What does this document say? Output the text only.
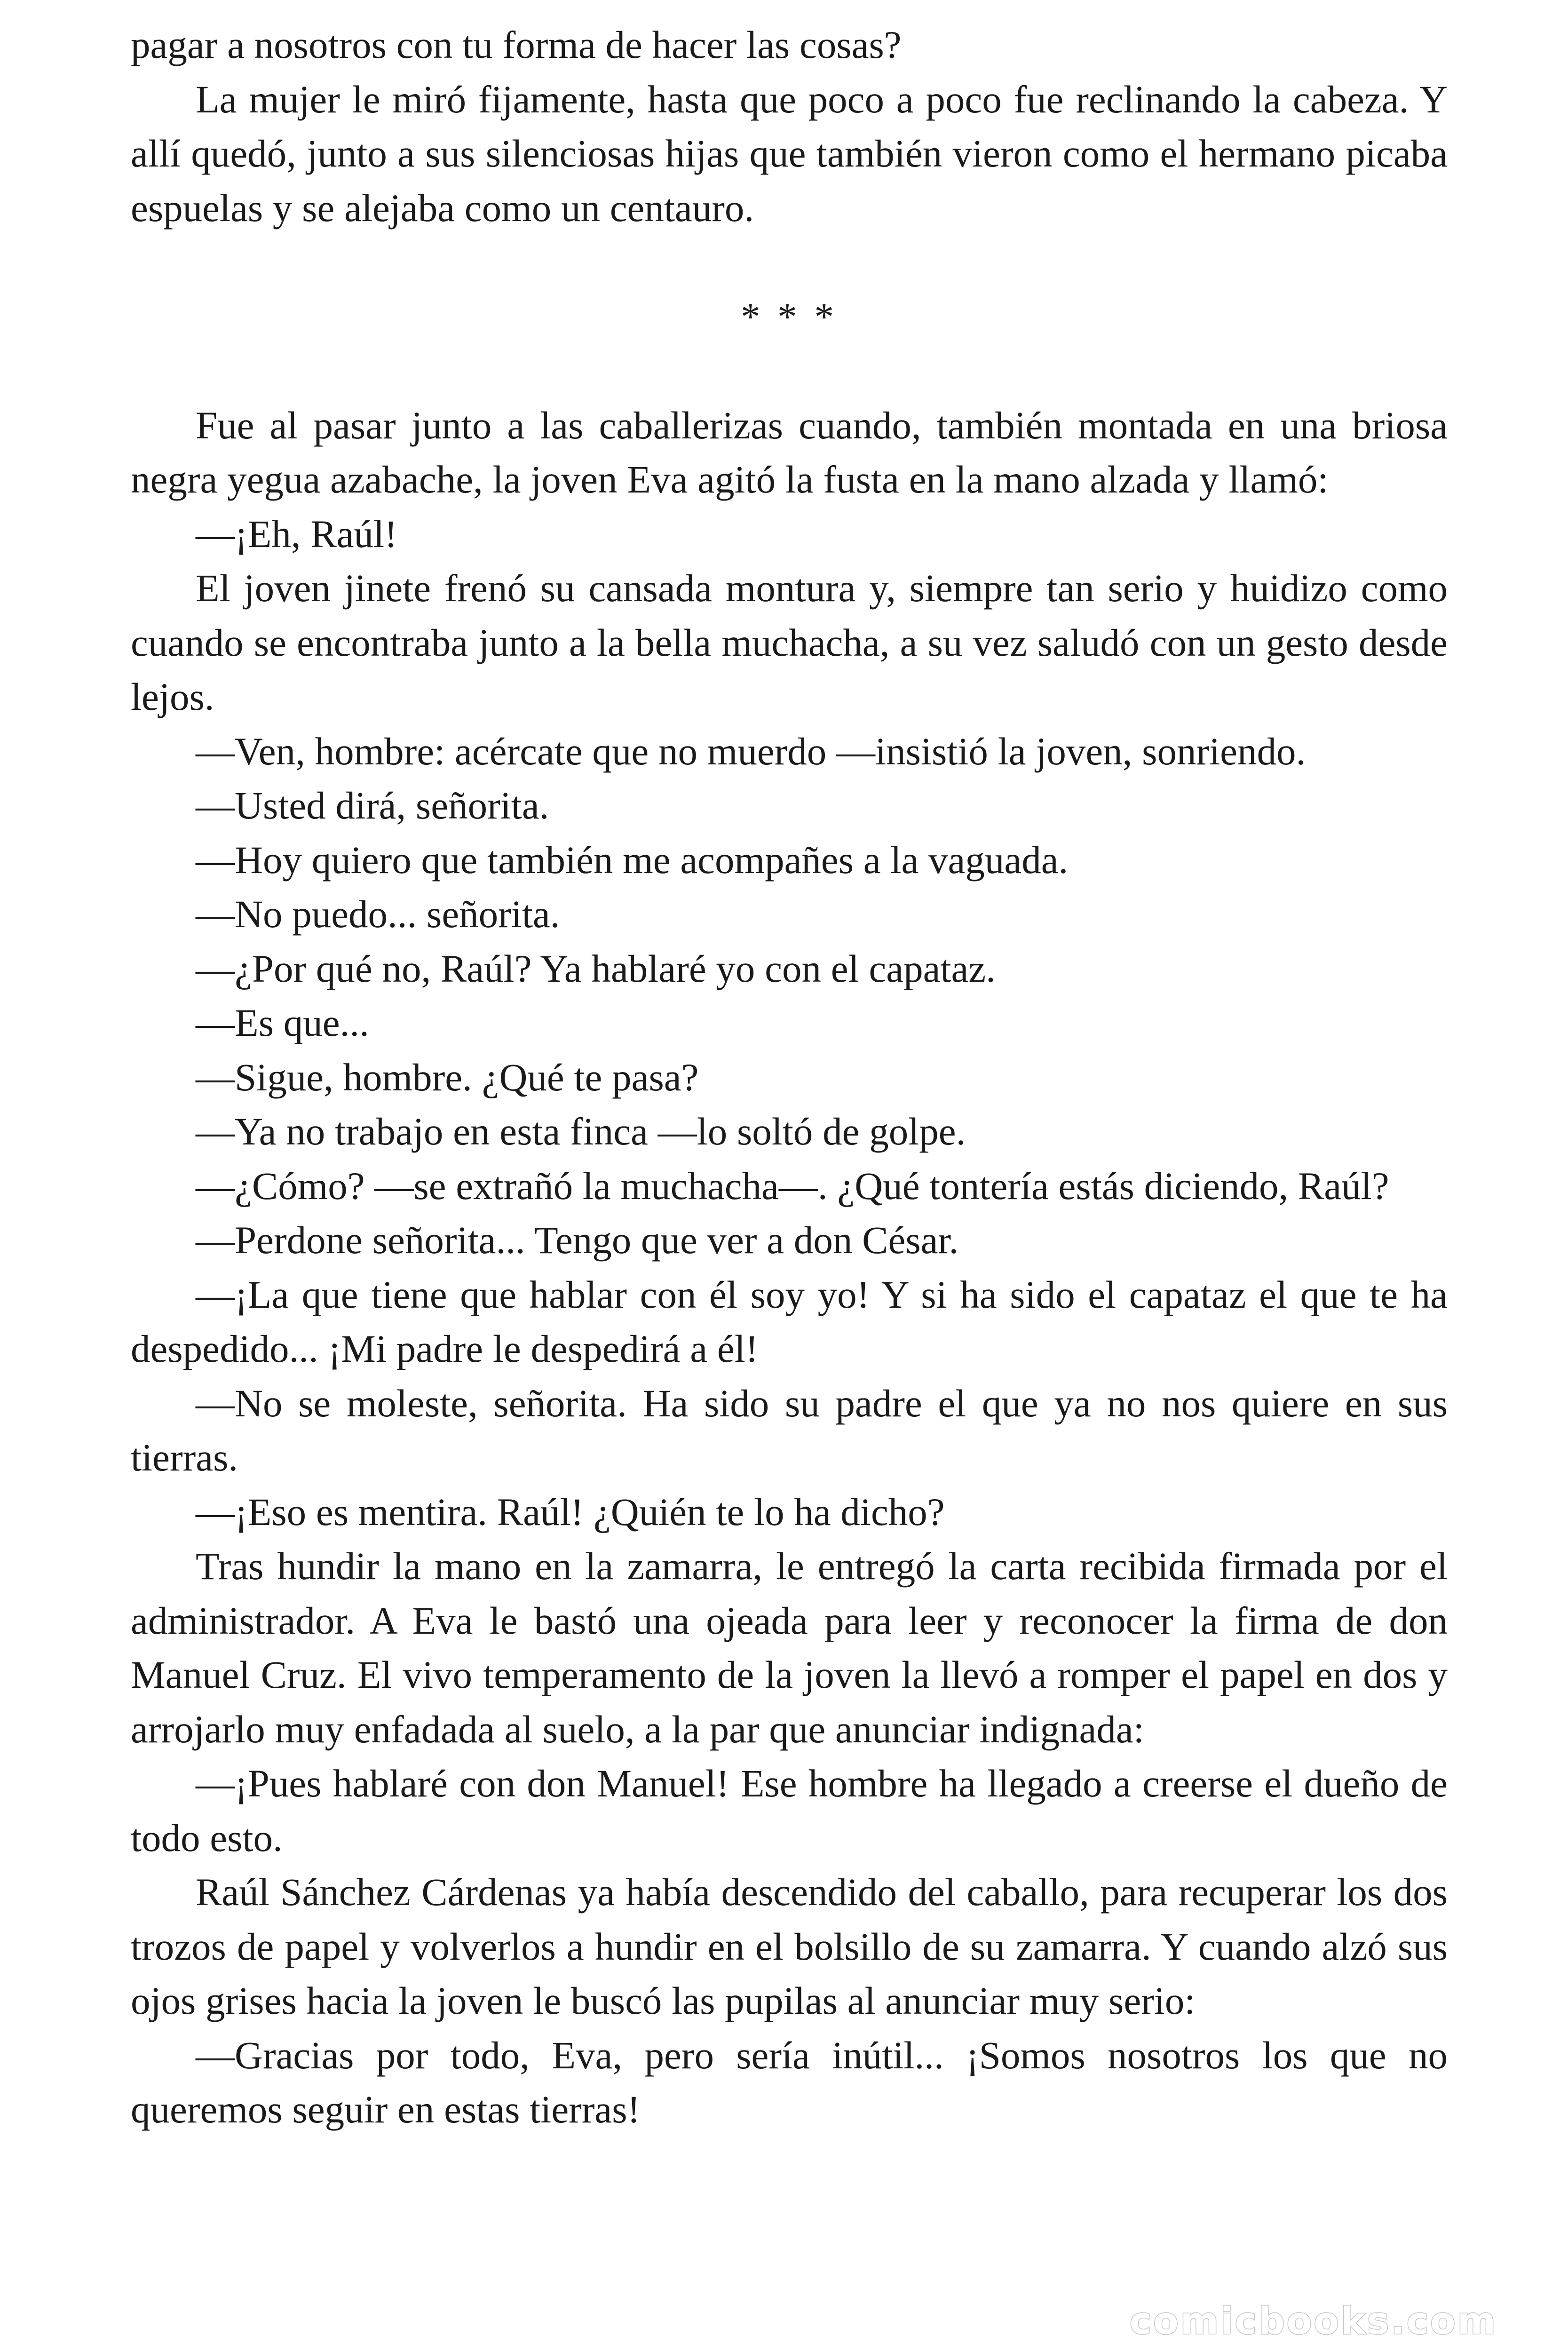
pagar a nosotros con tu forma de hacer las cosas?

La mujer le miró fijamente, hasta que poco a poco fue reclinando la cabeza. Y allí quedó, junto a sus silenciosas hijas que también vieron como el hermano picaba espuelas y se alejaba como un centauro.

* * *

Fue al pasar junto a las caballerizas cuando, también montada en una briosa negra yegua azabache, la joven Eva agitó la fusta en la mano alzada y llamó:

—¡Eh, Raúl!

El joven jinete frenó su cansada montura y, siempre tan serio y huidizo como cuando se encontraba junto a la bella muchacha, a su vez saludó con un gesto desde lejos.

—Ven, hombre: acércate que no muerdo —insistió la joven, sonriendo.

—Usted dirá, señorita.

—Hoy quiero que también me acompañes a la vaguada.

—No puedo... señorita.

—¿Por qué no, Raúl? Ya hablaré yo con el capataz.

—Es que...

—Sigue, hombre. ¿Qué te pasa?

—Ya no trabajo en esta finca —lo soltó de golpe.

—¿Cómo? —se extrañó la muchacha—. ¿Qué tontería estás diciendo, Raúl?

—Perdone señorita... Tengo que ver a don César.

—¡La que tiene que hablar con él soy yo! Y si ha sido el capataz el que te ha despedido... ¡Mi padre le despedirá a él!

—No se moleste, señorita. Ha sido su padre el que ya no nos quiere en sus tierras.

—¡Eso es mentira. Raúl! ¿Quién te lo ha dicho?

Tras hundir la mano en la zamarra, le entregó la carta recibida firmada por el administrador. A Eva le bastó una ojeada para leer y reconocer la firma de don Manuel Cruz. El vivo temperamento de la joven la llevó a romper el papel en dos y arrojarlo muy enfadada al suelo, a la par que anunciar indignada:

—¡Pues hablaré con don Manuel! Ese hombre ha llegado a creerse el dueño de todo esto.

Raúl Sánchez Cárdenas ya había descendido del caballo, para recuperar los dos trozos de papel y volverlos a hundir en el bolsillo de su zamarra. Y cuando alzó sus ojos grises hacia la joven le buscó las pupilas al anunciar muy serio:

—Gracias por todo, Eva, pero sería inútil... ¡Somos nosotros los que no queremos seguir en estas tierras!

comicbooks.com
